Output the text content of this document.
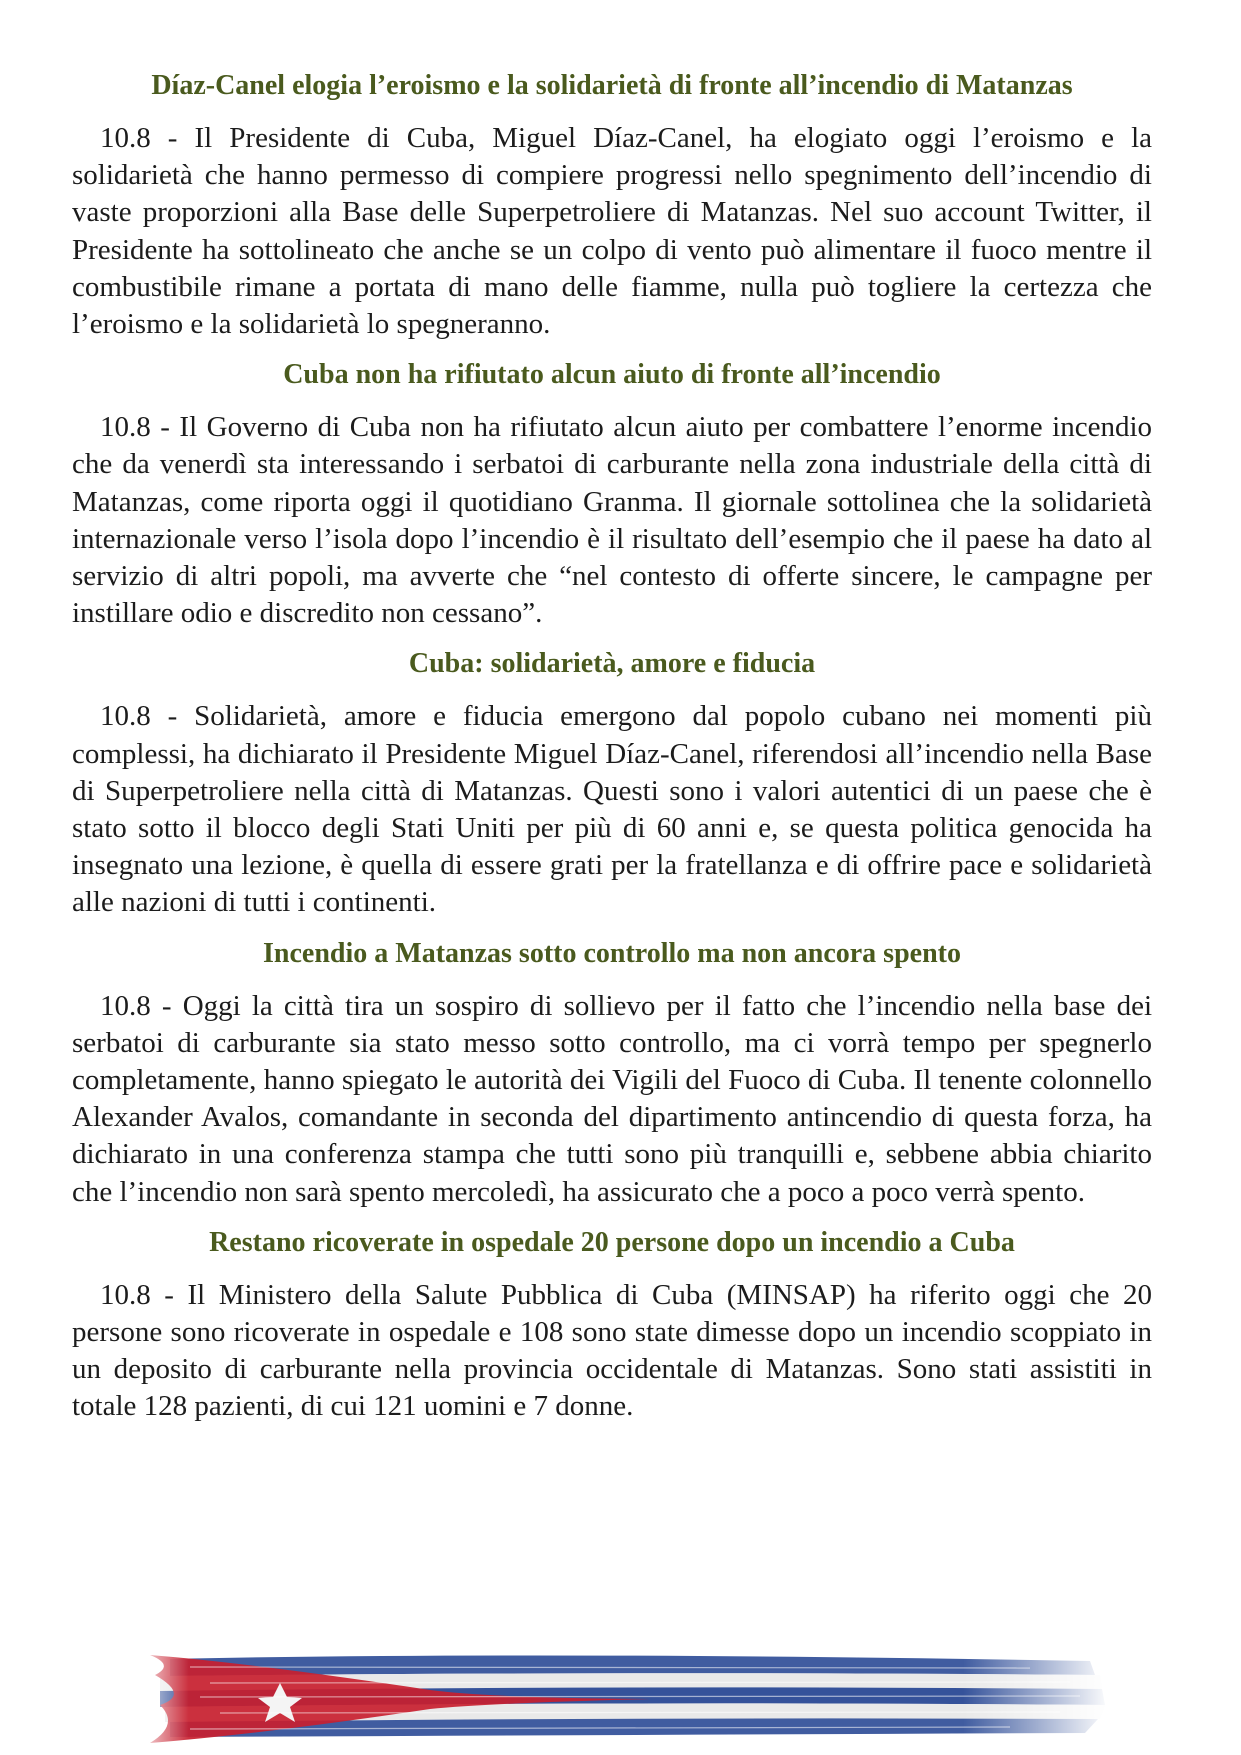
Díaz-Canel elogia l’eroismo e la solidarietà di fronte all’incendio di Matanzas

10.8 - Il Presidente di Cuba, Miguel Díaz-Canel, ha elogiato oggi l’eroismo e la solidarietà che hanno permesso di compiere progressi nello spegnimento dell’incendio di vaste proporzioni alla Base delle Superpetroliere di Matanzas. Nel suo account Twitter, il Presidente ha sottolineato che anche se un colpo di vento può alimentare il fuoco mentre il combustibile rimane a portata di mano delle fiamme, nulla può togliere la certezza che l’eroismo e la solidarietà lo spegneranno.

Cuba non ha rifiutato alcun aiuto di fronte all’incendio

10.8 - Il Governo di Cuba non ha rifiutato alcun aiuto per combattere l’enorme incendio che da venerdì sta interessando i serbatoi di carburante nella zona industriale della città di Matanzas, come riporta oggi il quotidiano Granma. Il giornale sottolinea che la solidarietà internazionale verso l’isola dopo l’incendio è il risultato dell’esempio che il paese ha dato al servizio di altri popoli, ma avverte che “nel contesto di offerte sincere, le campagne per instillare odio e discredito non cessano”.

Cuba: solidarietà, amore e fiducia

10.8 - Solidarietà, amore e fiducia emergono dal popolo cubano nei momenti più complessi, ha dichiarato il Presidente Miguel Díaz-Canel, riferendosi all’incendio nella Base di Superpetroliere nella città di Matanzas. Questi sono i valori autentici di un paese che è stato sotto il blocco degli Stati Uniti per più di 60 anni e, se questa politica genocida ha insegnato una lezione, è quella di essere grati per la fratellanza e di offrire pace e solidarietà alle nazioni di tutti i continenti.

Incendio a Matanzas sotto controllo ma non ancora spento

10.8 - Oggi la città tira un sospiro di sollievo per il fatto che l’incendio nella base dei serbatoi di carburante sia stato messo sotto controllo, ma ci vorrà tempo per spegnerlo completamente, hanno spiegato le autorità dei Vigili del Fuoco di Cuba. Il tenente colonnello Alexander Avalos, comandante in seconda del dipartimento antincendio di questa forza, ha dichiarato in una conferenza stampa che tutti sono più tranquilli e, sebbene abbia chiarito che l’incendio non sarà spento mercoledì, ha assicurato che a poco a poco verrà spento.

Restano ricoverate in ospedale 20 persone dopo un incendio a Cuba

10.8 - Il Ministero della Salute Pubblica di Cuba (MINSAP) ha riferito oggi che 20 persone sono ricoverate in ospedale e 108 sono state dimesse dopo un incendio scoppiato in un deposito di carburante nella provincia occidentale di Matanzas. Sono stati assistiti in totale 128 pazienti, di cui 121 uomini e 7 donne.
